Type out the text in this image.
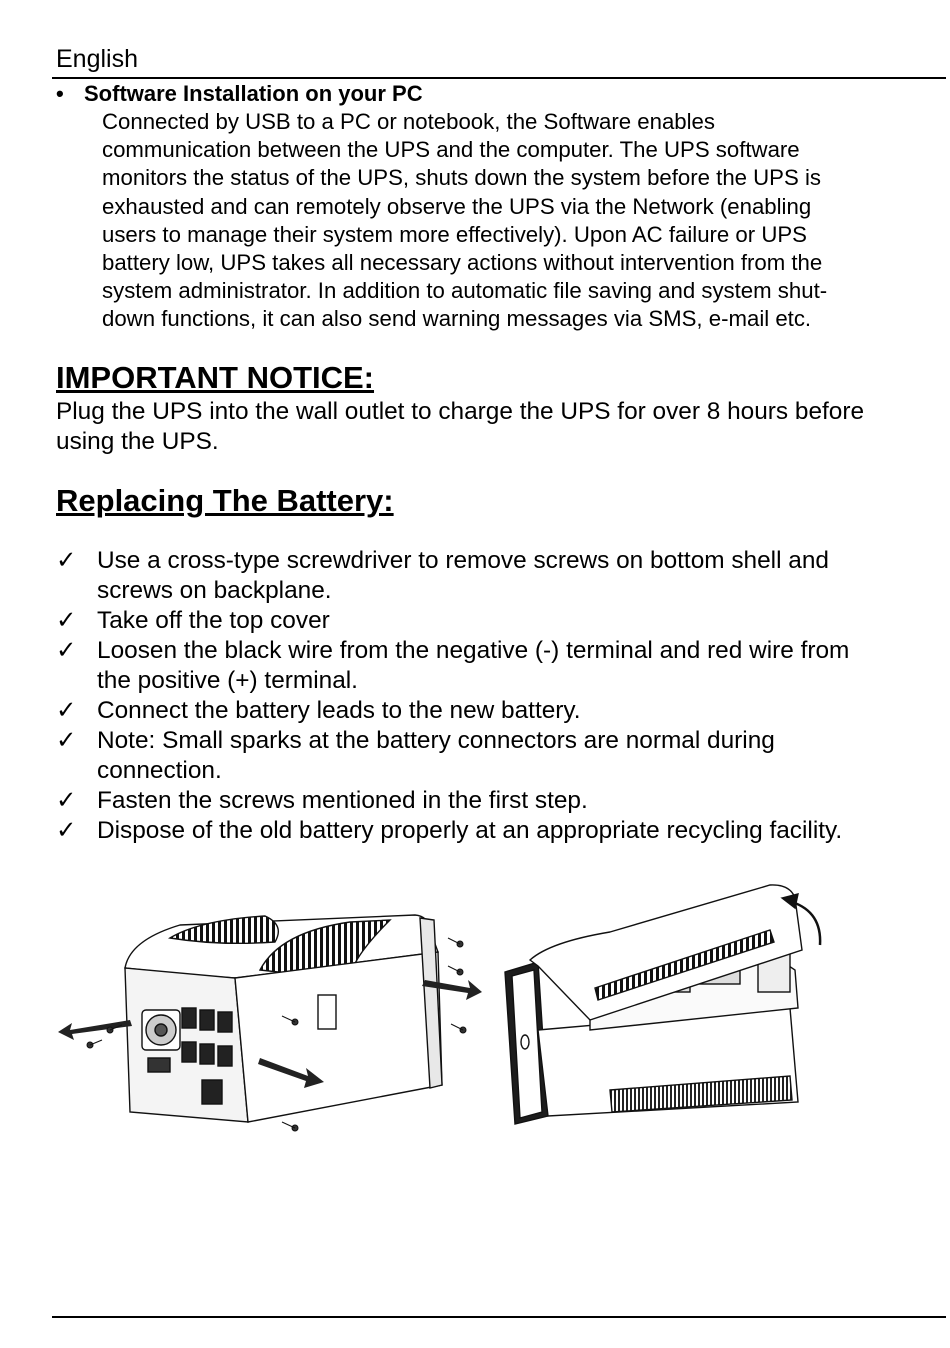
English
• Software Installation on your PC
Connected by USB to a PC or notebook, the Software enables
communication between the UPS and the computer. The UPS software
monitors the status of the UPS, shuts down the system before the UPS is
exhausted and can remotely observe the UPS via the Network (enabling
users to manage their system more effectively). Upon AC failure or UPS
battery low, UPS takes all necessary actions without intervention from the
system administrator. In addition to automatic file saving and system shut-
down functions, it can also send warning messages via SMS, e-mail etc.
IMPORTANT NOTICE:
Plug the UPS into the wall outlet to charge the UPS for over 8 hours before
using the UPS.
Replacing The Battery:
✓ Use a cross-type screwdriver to remove screws on bottom shell and
screws on backplane.
✓ Take off the top cover
✓ Loosen the black wire from the negative (-) terminal and red wire from
the positive (+) terminal.
✓ Connect the battery leads to the new battery.
✓ Note: Small sparks at the battery connectors are normal during
connection.
✓ Fasten the screws mentioned in the first step.
✓ Dispose of the old battery properly at an appropriate recycling facility.
